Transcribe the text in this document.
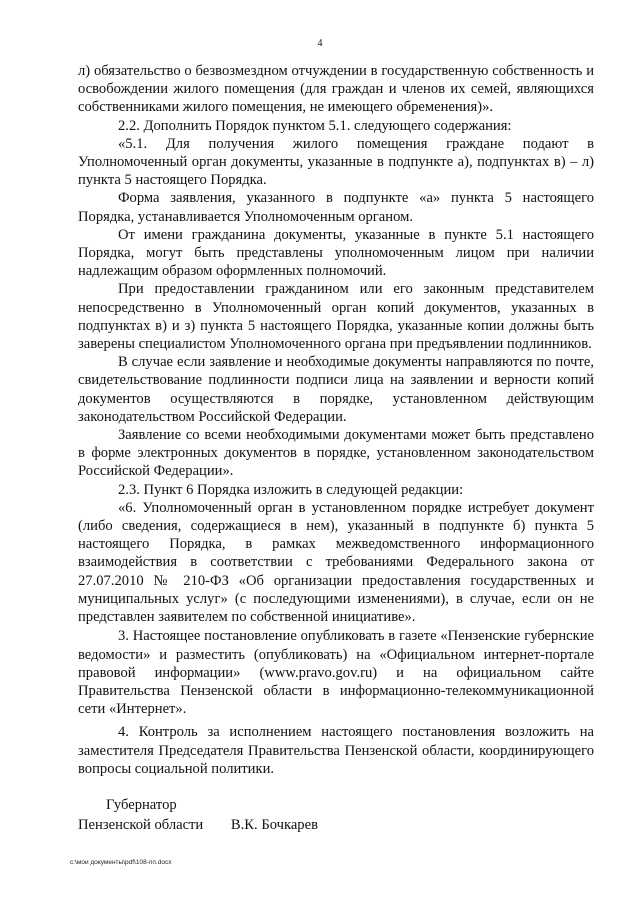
4

л) обязательство о безвозмездном отчуждении в государственную собственность и освобождении жилого помещения (для граждан и членов их семей, являющихся собственниками жилого помещения, не имеющего обременения)».

2.2. Дополнить Порядок пунктом 5.1. следующего содержания:

«5.1. Для получения жилого помещения граждане подают в Уполномоченный орган документы, указанные в подпункте а), подпунктах в) – л) пункта 5 настоящего Порядка.

Форма заявления, указанного в подпункте «а» пункта 5 настоящего Порядка, устанавливается Уполномоченным органом.

От имени гражданина документы, указанные в пункте 5.1 настоящего Порядка, могут быть представлены уполномоченным лицом при наличии надлежащим образом оформленных полномочий.

При предоставлении гражданином или его законным представителем непосредственно в Уполномоченный орган копий документов, указанных в подпунктах в) и з) пункта 5 настоящего Порядка, указанные копии должны быть заверены специалистом Уполномоченного органа при предъявлении подлинников.

В случае если заявление и необходимые документы направляются по почте, свидетельствование подлинности подписи лица на заявлении и верности копий документов осуществляются в порядке, установленном действующим законодательством Российской Федерации.

Заявление со всеми необходимыми документами может быть представлено в форме электронных документов в порядке, установленном законодательством Российской Федерации».

2.3. Пункт 6 Порядка изложить в следующей редакции:

«6. Уполномоченный орган в установленном порядке истребует документ (либо сведения, содержащиеся в нем), указанный в подпункте б) пункта 5 настоящего Порядка, в рамках межведомственного информационного взаимодействия в соответствии с требованиями Федерального закона от 27.07.2010 № 210-ФЗ «Об организации предоставления государственных и муниципальных услуг» (с последующими изменениями), в случае, если он не представлен заявителем по собственной инициативе».

3. Настоящее постановление опубликовать в газете «Пензенские губернские ведомости» и разместить (опубликовать) на «Официальном интернет-портале правовой информации» (www.pravo.gov.ru) и на официальном сайте Правительства Пензенской области в информационно-телекоммуникационной сети «Интернет».

4. Контроль за исполнением настоящего постановления возложить на заместителя Председателя Правительства Пензенской области, координирующего вопросы социальной политики.

Губернатор
Пензенской области В.К. Бочкарев
c:\мои документы\pdf\108-пп.docx
